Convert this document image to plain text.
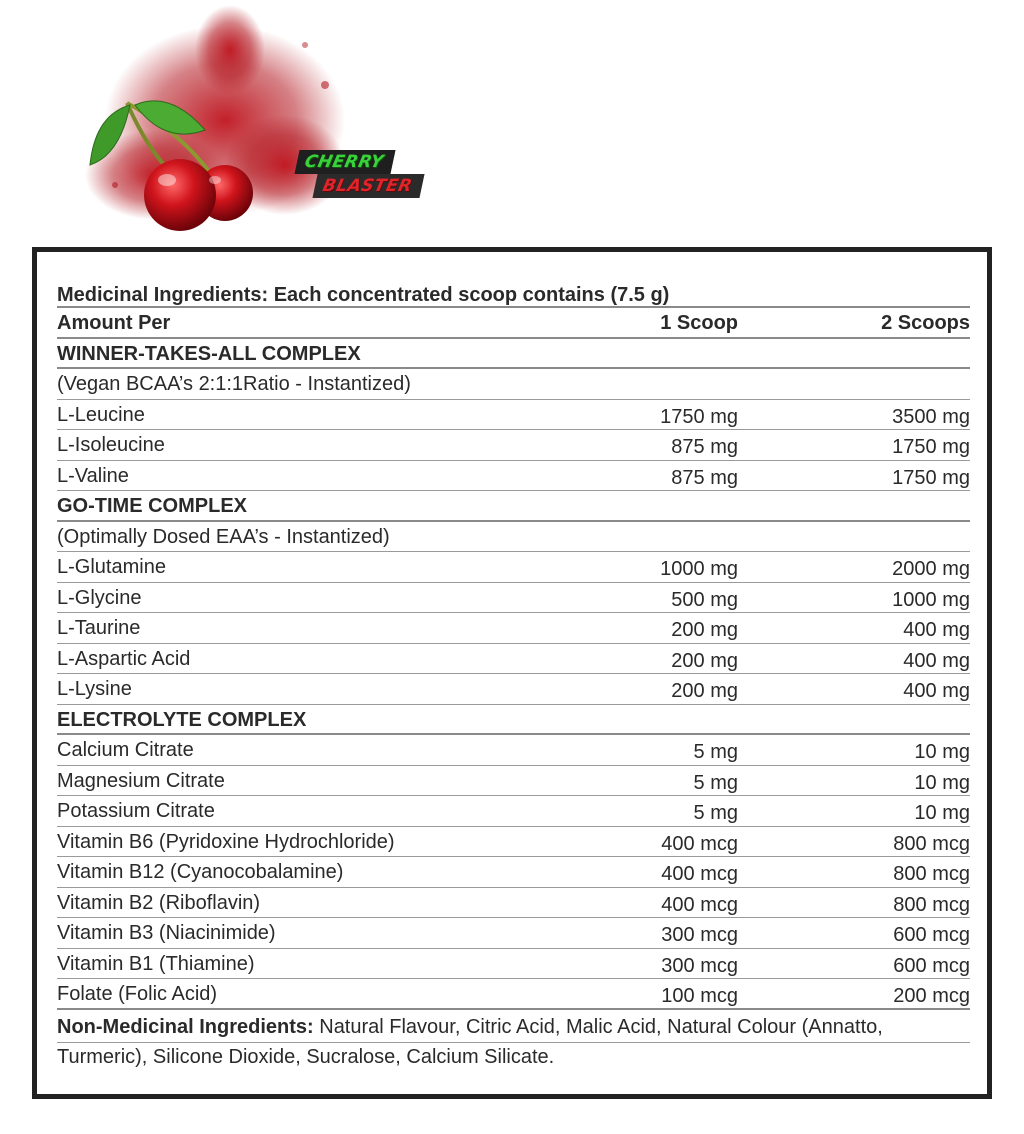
CHERRY
BLASTER
Medicinal Ingredients: Each concentrated scoop contains (7.5 g)
Amount Per	1 Scoop	2 Scoops
WINNER-TAKES-ALL COMPLEX
(Vegan BCAA’s 2:1:1Ratio - Instantized)
L-Leucine	1750 mg	3500 mg
L-Isoleucine	875 mg	1750 mg
L-Valine	875 mg	1750 mg
GO-TIME COMPLEX
(Optimally Dosed EAA’s - Instantized)
L-Glutamine	1000 mg	2000 mg
L-Glycine	500 mg	1000 mg
L-Taurine	200 mg	400 mg
L-Aspartic Acid	200 mg	400 mg
L-Lysine	200 mg	400 mg
ELECTROLYTE COMPLEX
Calcium Citrate	5 mg	10 mg
Magnesium Citrate	5 mg	10 mg
Potassium Citrate	5 mg	10 mg
Vitamin B6 (Pyridoxine Hydrochloride)	400 mcg	800 mcg
Vitamin B12 (Cyanocobalamine)	400 mcg	800 mcg
Vitamin B2 (Riboflavin)	400 mcg	800 mcg
Vitamin B3 (Niacinimide)	300 mcg	600 mcg
Vitamin B1 (Thiamine)	300 mcg	600 mcg
Folate (Folic Acid)	100 mcg	200 mcg
Non-Medicinal Ingredients: Natural Flavour, Citric Acid, Malic Acid, Natural Colour (Annatto,
Turmeric), Silicone Dioxide, Sucralose, Calcium Silicate.
